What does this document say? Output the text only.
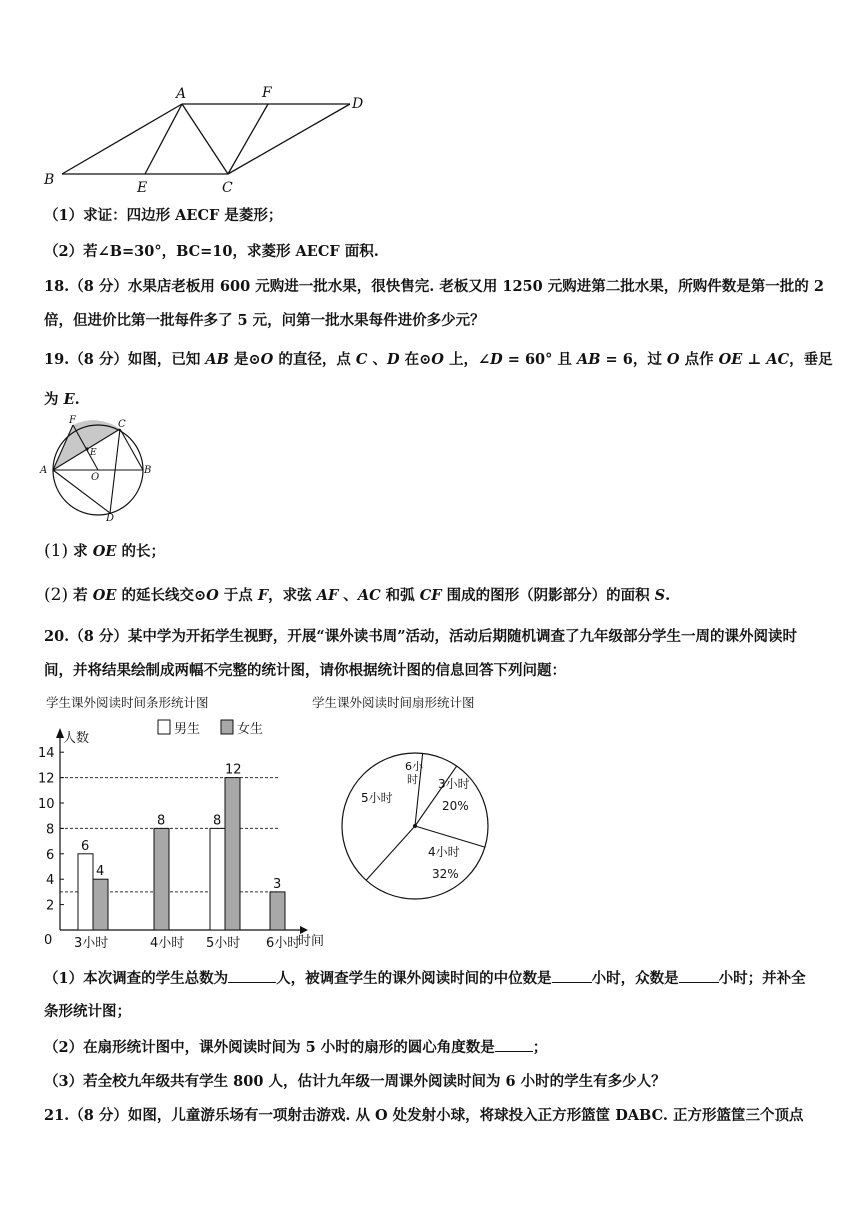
A	F
D
B	E	C
（1）求证：四边形 AECF 是菱形；
（2）若∠B=30°，BC=10，求菱形 AECF 面积.
18.（8 分）水果店老板用 600 元购进一批水果，很快售完. 老板又用 1250 元购进第二批水果，所购件数是第一批的 2
倍，但进价比第一批每件多了 5 元，问第一批水果每件进价多少元？
19.（8 分）如图，已知 AB 是⊙O 的直径，点 C 、D 在⊙O 上，∠D = 60° 且 AB = 6，过 O 点作 OE ⊥ AC，垂足
为 E.
F	C
A
E
B
O
D
(1) 求 OE 的长；
(2) 若 OE 的延长线交⊙O 于点 F，求弦 AF 、AC 和弧 CF 围成的图形（阴影部分）的面积 S.
20.（8 分）某中学为开拓学生视野，开展“课外读书周”活动，活动后期随机调查了九年级部分学生一周的课外阅读时
间，并将结果绘制成两幅不完整的统计图，请你根据统计图的信息回答下列问题：
学生课外阅读时间条形统计图	学生课外阅读时间扇形统计图
男生	女生
人数
时间
0
2
4
6
8
10
12
14
6
4
3小时
8
4小时
8
12
5小时
3
6小时
6小
时 3小时
20%
4小时
32%
5小时
（1）本次调查的学生总数为	人，被调查学生的课外阅读时间的中位数是	小时，众数是	小时；并补全
条形统计图；
（2）在扇形统计图中，课外阅读时间为 5 小时的扇形的圆心角度数是	；
（3）若全校九年级共有学生 800 人，估计九年级一周课外阅读时间为 6 小时的学生有多少人？
21.（8 分）如图，儿童游乐场有一项射击游戏. 从 O 处发射小球，将球投入正方形篮筐 DABC. 正方形篮筐三个顶点
